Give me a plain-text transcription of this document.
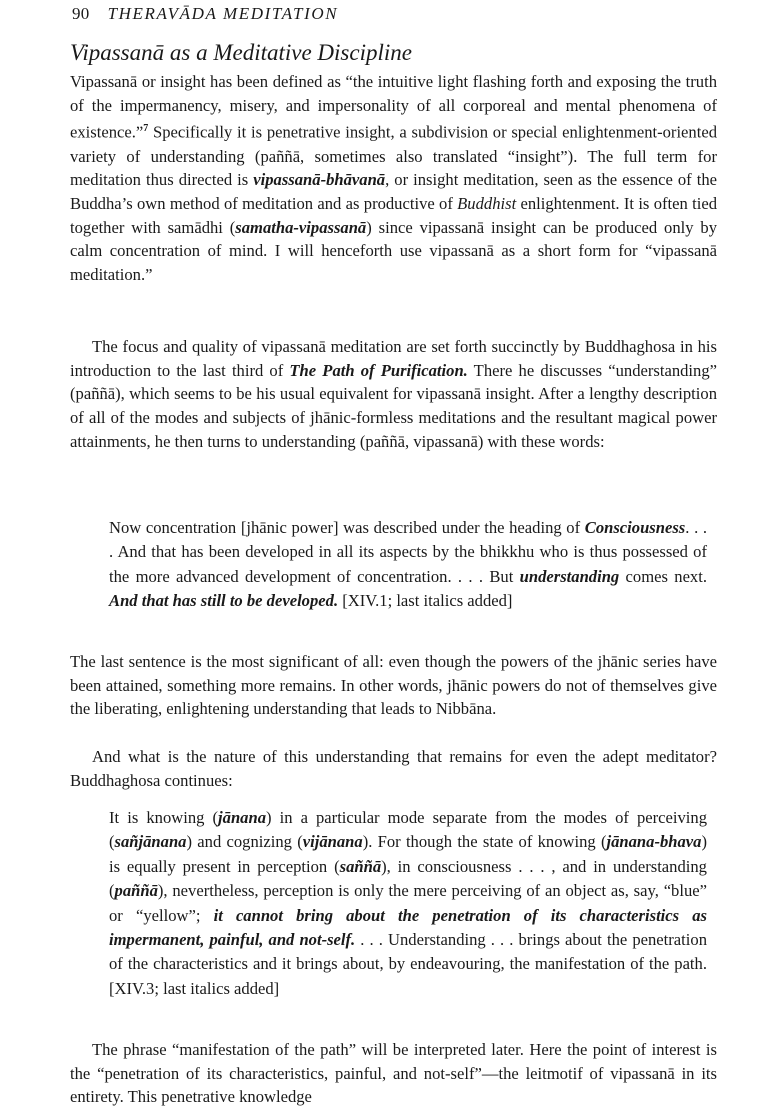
90 THERAVĀDA MEDITATION
Vipassanā as a Meditative Discipline

Vipassanā or insight has been defined as “the intuitive light flashing forth and exposing the truth of the impermanency, misery, and impersonality of all corporeal and mental phenomena of existence.”$^7$ Specifically it is penetrative insight, a subdivision or special enlightenment-oriented variety of understanding (paññā, sometimes also translated “insight”). The full term for meditation thus directed is vipassanā-bhāvanā, or insight meditation, seen as the essence of the Buddha’s own method of meditation and as productive of Buddhist enlightenment. It is often tied together with samādhi (samatha-vipassanā) since vipassanā insight can be produced only by calm concentration of mind. I will henceforth use vipassanā as a short form for “vipassanā meditation.”

The focus and quality of vipassanā meditation are set forth succinctly by Buddhaghosa in his introduction to the last third of The Path of Purification. There he discusses “understanding” (paññā), which seems to be his usual equivalent for vipassanā insight. After a lengthy description of all of the modes and subjects of jhānic-formless meditations and the resultant magical power attainments, he then turns to understanding (paññā, vipassanā) with these words:

Now concentration [jhānic power] was described under the heading of Consciousness. . . . And that has been developed in all its aspects by the bhikkhu who is thus possessed of the more advanced development of concentration. . . . But understanding comes next. And that has still to be developed. [XIV.1; last italics added]

The last sentence is the most significant of all: even though the powers of the jhānic series have been attained, something more remains. In other words, jhānic powers do not of themselves give the liberating, enlightening understanding that leads to Nibbāna.

And what is the nature of this understanding that remains for even the adept meditator? Buddhaghosa continues:

It is knowing (jānana) in a particular mode separate from the modes of perceiving (sañjānana) and cognizing (vijānana). For though the state of knowing (jānana-bhava) is equally present in perception (saññā), in consciousness . . . , and in understanding (paññā), nevertheless, perception is only the mere perceiving of an object as, say, “blue” or “yellow”; it cannot bring about the penetration of its characteristics as impermanent, painful, and not-self. . . . Understanding . . . brings about the penetration of the characteristics and it brings about, by endeavouring, the manifestation of the path. [XIV.3; last italics added]

The phrase “manifestation of the path” will be interpreted later. Here the point of interest is the “penetration of its characteristics, painful, and not-self”—the leitmotif of vipassanā in its entirety. This penetrative knowledge
